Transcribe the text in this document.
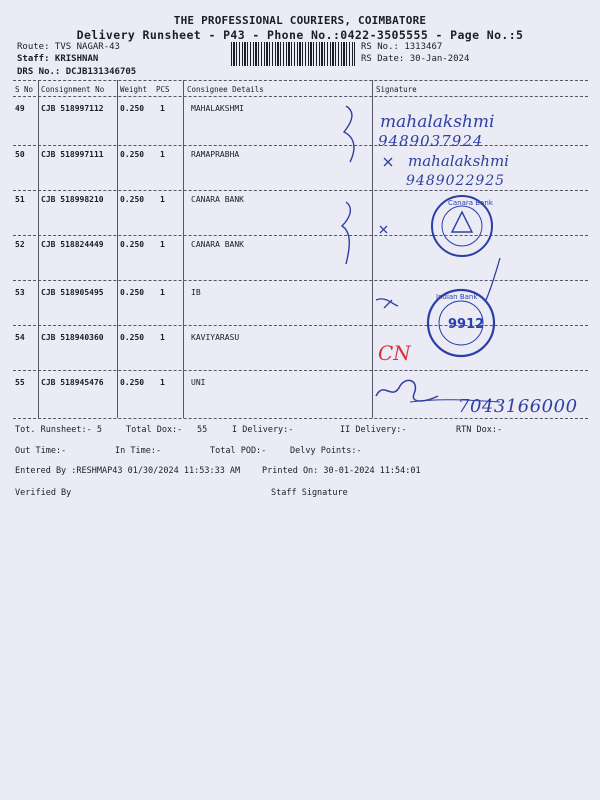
THE PROFESSIONAL COURIERS, COIMBATORE
Delivery Runsheet - P43 - Phone No.:0422-3505555 - Page No.:5
Route: TVS NAGAR-43
Staff: KRISHNAN
DRS No.: DCJB131346705
RS No.: 1313467
RS Date: 30-Jan-2024
S No Consignment No Weight PCS Consignee Details	Signature
49 CJB 518997112 0.250 1	MAHALAKSHMI
50 CJB 518997111 0.250 1	RAMAPRABHA
51 CJB 518998210 0.250 1	CANARA BANK
52 CJB 518824449 0.250 1	CANARA BANK
53 CJB 518905495 0.250 1	IB
54 CJB 518940360 0.250 1	KAVIYARASU
55 CJB 518945476 0.250 1	UNI
Tot. Runsheet:- 5	Total Dox:- 55	I Delivery:-	II Delivery:-	RTN Dox:-
Out Time:-	In Time:-	Total POD:-	Delvy Points:-
Entered By :RESHMAP43 01/30/2024 11:53:33 AM	Printed On: 30-01-2024 11:54:01
Verified By	Staff Signature
mahalakshmi
9489037924
mahalakshmi
9489022925
Canara Bank
Indian Bank
9912
CN
7043166000
